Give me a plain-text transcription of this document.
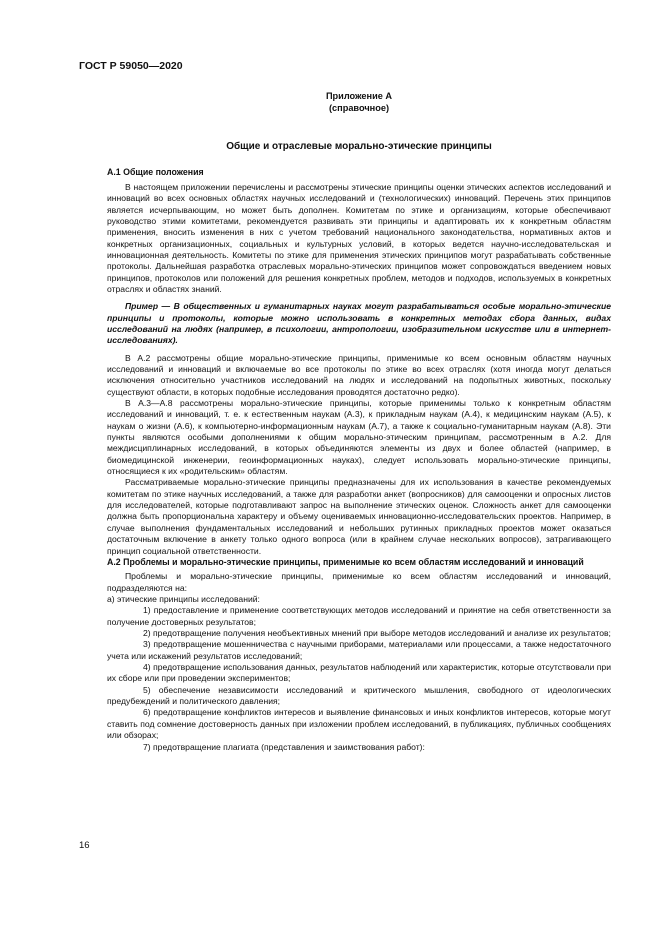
ГОСТ Р 59050—2020
Приложение А
(справочное)
Общие и отраслевые морально-этические принципы
А.1 Общие положения

В настоящем приложении перечислены и рассмотрены этические принципы оценки этических аспектов исследований и инноваций во всех основных областях научных исследований и (технологических) инноваций. Перечень этих принципов является исчерпывающим, но может быть дополнен. Комитетам по этике и организациям, которые обеспечивают руководство этими комитетами, рекомендуется развивать эти принципы и адаптировать их к конкретным областям применения, вносить изменения в них с учетом требований национального законодательства, нормативных актов и конкретных организационных, социальных и культурных условий, в которых ведется научно-исследовательская и инновационная деятельность. Комитеты по этике для применения этических принципов могут разрабатывать собственные протоколы. Дальнейшая разработка отраслевых морально-этических принципов может сопровождаться введением новых принципов, протоколов или положений для решения конкретных проблем, методов и подходов, используемых в конкретных отраслях и областях знаний.

Пример — В общественных и гуманитарных науках могут разрабатываться особые морально-этические принципы и протоколы, которые можно использовать в конкретных методах сбора данных, видах исследований на людях (например, в психологии, антропологии, изобразительном искусстве или в интернет-исследованиях).

В А.2 рассмотрены общие морально-этические принципы, применимые ко всем основным областям научных исследований и инноваций и включаемые во все протоколы по этике во всех отраслях (хотя иногда могут делаться исключения относительно участников исследований на людях и исследований на подопытных животных, поскольку существуют области, в которых подобные исследования проводятся достаточно редко).

В А.3—А.8 рассмотрены морально-этические принципы, которые применимы только к конкретным областям исследований и инноваций, т. е. к естественным наукам (А.3), к прикладным наукам (А.4), к медицинским наукам (А.5), к наукам о жизни (А.6), к компьютерно-информационным наукам (А.7), а также к социально-гуманитарным наукам (А.8). Эти пункты являются особыми дополнениями к общим морально-этическим принципам, рассмотренным в А.2. Для междисциплинарных исследований, в которых объединяются элементы из двух и более областей (например, в биомедицинской инженерии, геоинформационных науках), следует использовать морально-этические принципы, относящиеся к их «родительским» областям.

Рассматриваемые морально-этические принципы предназначены для их использования в качестве рекомендуемых комитетам по этике научных исследований, а также для разработки анкет (вопросников) для самооценки и опросных листов для исследователей, которые подготавливают запрос на выполнение этических оценок. Сложность анкет для самооценки должна быть пропорциональна характеру и объему оцениваемых инновационно-исследовательских проектов. Например, в случае выполнения фундаментальных исследований и небольших рутинных прикладных проектов может оказаться достаточным включение в анкету только одного вопроса (или в крайнем случае нескольких вопросов), затрагивающего принцип социальной ответственности.

А.2 Проблемы и морально-этические принципы, применимые ко всем областям исследований и инноваций

Проблемы и морально-этические принципы, применимые ко всем областям исследований и инноваций, подразделяются на:

а) этические принципы исследований:

1) предоставление и применение соответствующих методов исследований и принятие на себя ответственности за получение достоверных результатов;

2) предотвращение получения необъективных мнений при выборе методов исследований и анализе их результатов;

3) предотвращение мошенничества с научными приборами, материалами или процессами, а также недостаточного учета или искажений результатов исследований;

4) предотвращение использования данных, результатов наблюдений или характеристик, которые отсутствовали при их сборе или при проведении экспериментов;

5) обеспечение независимости исследований и критического мышления, свободного от идеологических предубеждений и политического давления;

6) предотвращение конфликтов интересов и выявление финансовых и иных конфликтов интересов, которые могут ставить под сомнение достоверность данных при изложении проблем исследований, в публикациях, публичных сообщениях или обзорах;

7) предотвращение плагиата (представления и заимствования работ):

16
